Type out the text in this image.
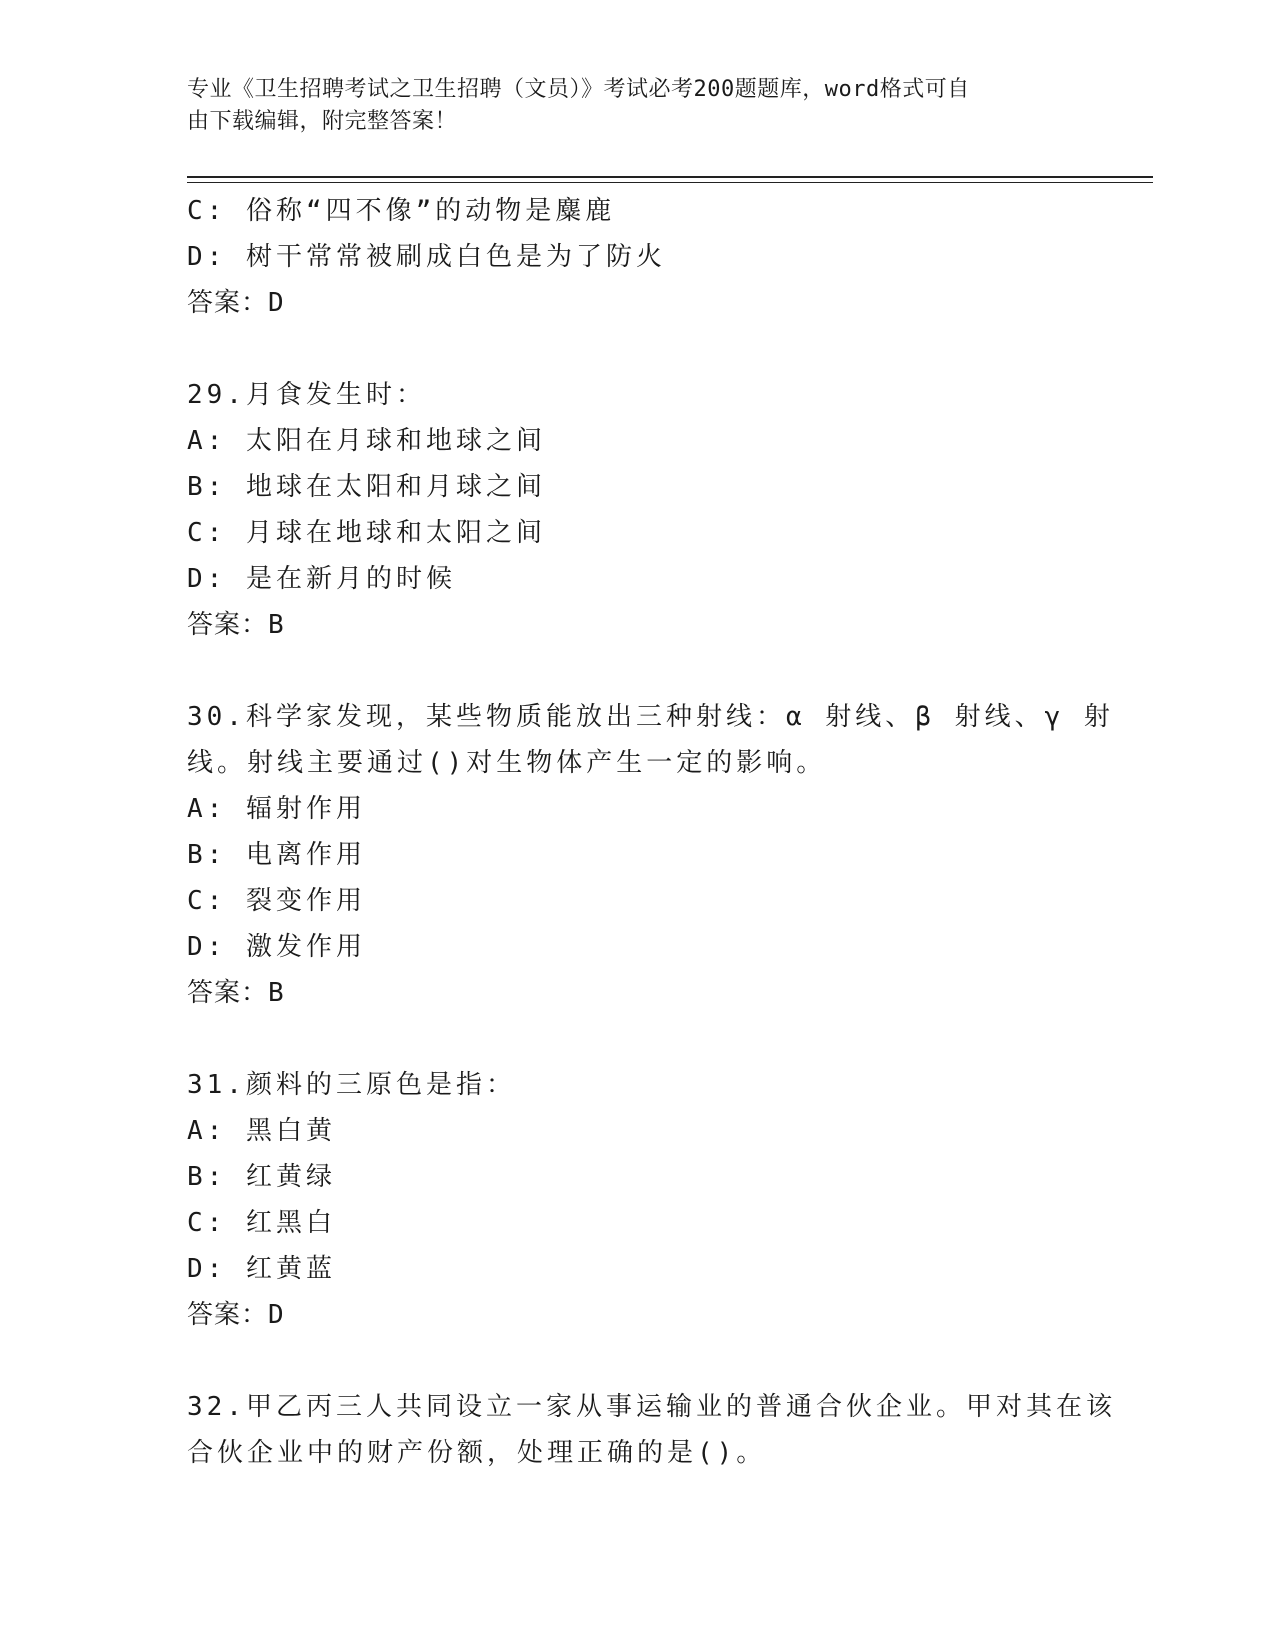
专业《卫生招聘考试之卫生招聘（文员）》考试必考200题题库，word格式可自
由下载编辑，附完整答案！
C: 俗称“四不像”的动物是麋鹿
D: 树干常常被刷成白色是为了防火
答案：D
29.月食发生时：
A: 太阳在月球和地球之间
B: 地球在太阳和月球之间
C: 月球在地球和太阳之间
D: 是在新月的时候
答案：B
30.科学家发现，某些物质能放出三种射线：α 射线、β 射线、γ 射
线。射线主要通过()对生物体产生一定的影响。
A: 辐射作用
B: 电离作用
C: 裂变作用
D: 激发作用
答案：B
31.颜料的三原色是指：
A: 黑白黄
B: 红黄绿
C: 红黑白
D: 红黄蓝
答案：D
32.甲乙丙三人共同设立一家从事运输业的普通合伙企业。甲对其在该
合伙企业中的财产份额，处理正确的是()。
